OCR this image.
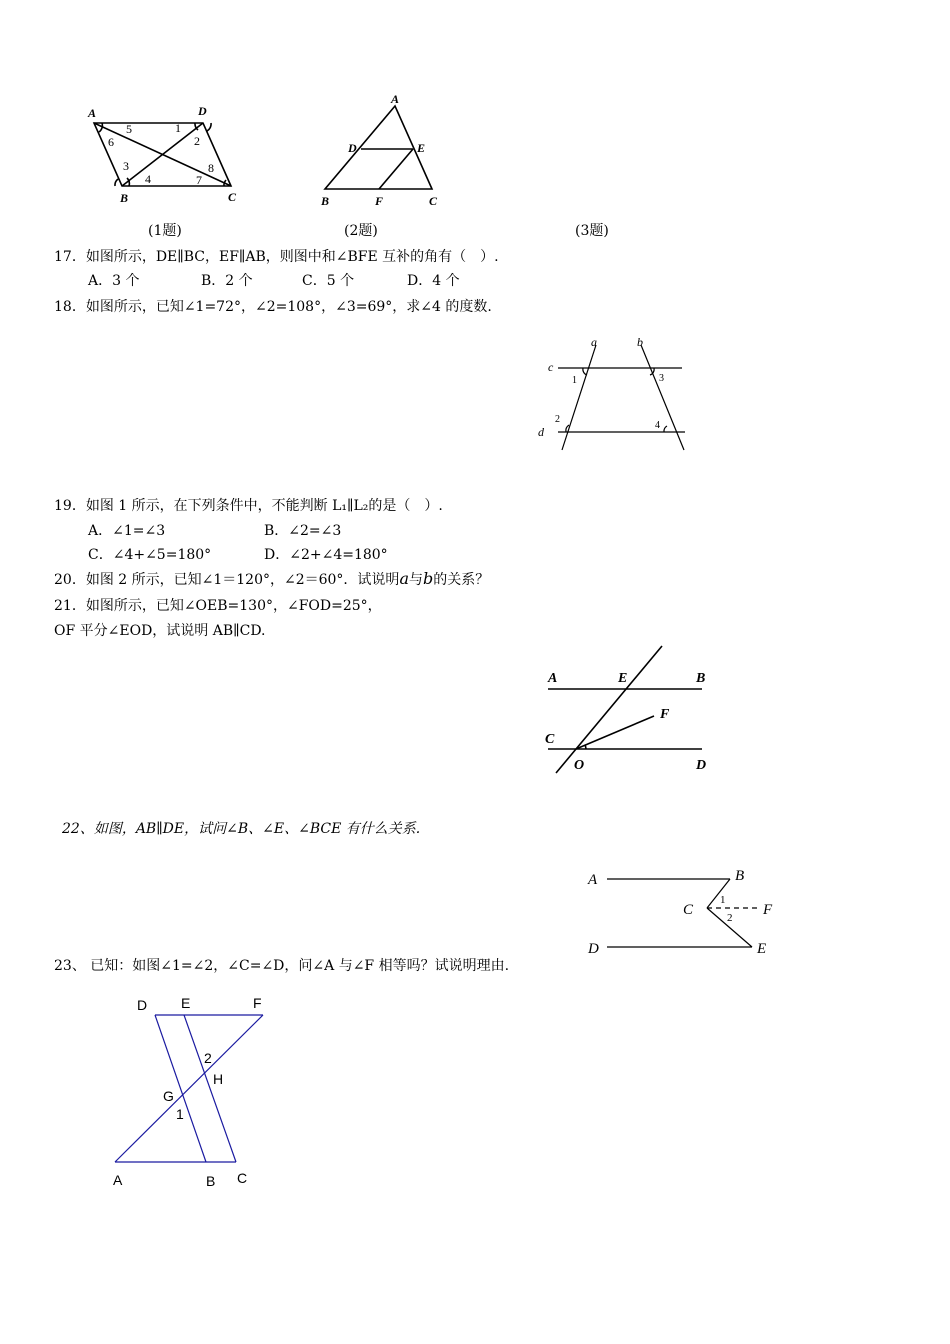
A	D
B	C
5	1
6	2
3	8
4	7
A
D	E
B	F	C
(1题)	(2题)	(3题)
17．如图所示，DE∥BC，EF∥AB，则图中和∠BFE 互补的角有（　）.
A．3 个	B．2 个	C．5 个	D．4 个
18．如图所示，已知∠1=72°，∠2=108°，∠3=69°，求∠4 的度数.
a	b
c
d
1	3
2
4
19．如图 1 所示，在下列条件中，不能判断 L₁∥L₂的是（　）.
A．∠1=∠3	B．∠2=∠3
C．∠4+∠5=180°	D．∠2+∠4=180°
20．如图 2 所示，已知∠1＝120°，∠2＝60°．试说明a与b的关系？
21．如图所示，已知∠OEB=130°，∠FOD=25°，
OF 平分∠EOD，试说明 AB∥CD.
A	E	B
F
C
O	D
22、如图，AB∥DE，试问∠B、∠E、∠BCE 有什么关系.
A	B
C
1
2 F
D	E
23、 已知：如图∠1=∠2，∠C=∠D，问∠A 与∠F 相等吗？试说明理由.
D E	F
2
H
G
1
A	B C
